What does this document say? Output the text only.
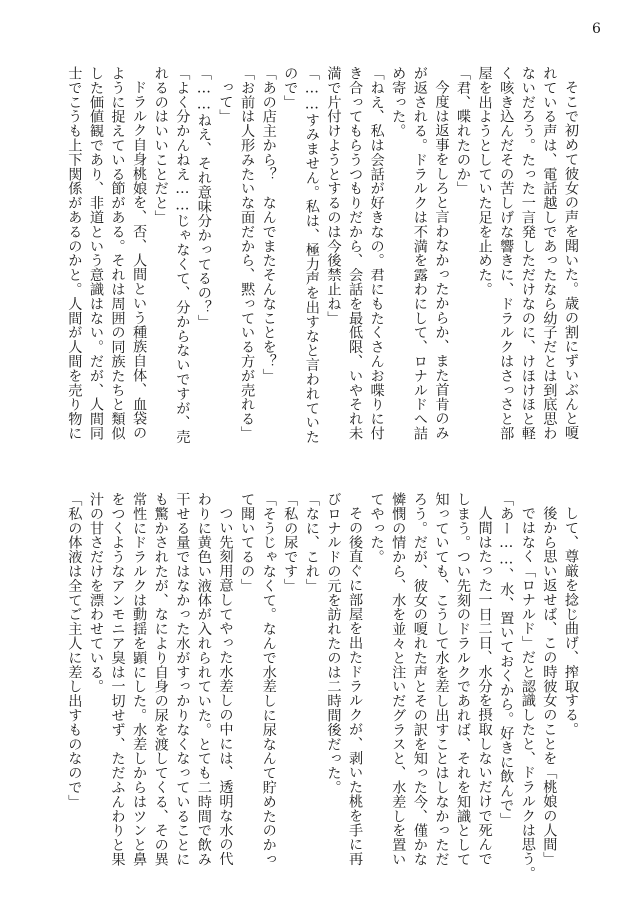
6

そこで初めて彼女の声を聞いた。歳の割にずいぶんと嗄

れている声は、電話越しであったなら幼子だとは到底思わ

ないだろう。たった一言発しただけなのに、けほけほと軽

く咳き込んだその苦しげな響きに、ドラルクはさっさと部

屋を出ようとしていた足を止めた。

「君、喋れたのか」

今度は返事をしろと言わなかったからか、また首肯のみ

が返される。ドラルクは不満を露わにして、ロナルドへ詰

め寄った。

「ねえ、私は会話が好きなの。君にもたくさんお喋りに付

き合ってもらうつもりだから、会話を最低限、いやそれ未

満で片付けようとするのは今後禁止ね」

「……すみません。私は、極力声を出すなと言われていた

ので」

「あの店主から？　なんでまたそんなことを？」

「お前は人形みたいな面だから、黙っている方が売れる」

って」

「……ねえ、それ意味分かってるの？」

「よく分かんねえ……じゃなくて、分からないですが、売

れるのはいいことだと」

ドラルク自身桃娘を、否、人間という種族自体、血袋の

ように捉えている節がある。それは周囲の同族たちと類似

した価値観であり、非道という意識はない。だが、人間同

士でこうも上下関係があるのかと。人間が人間を売り物に

して、尊厳を捻じ曲げ、搾取する。

後から思い返せば、この時彼女のことを「桃娘の人間」

ではなく「ロナルド」だと認識したと、ドラルクは思う。

「あー……、水、置いておくから。好きに飲んで」

人間はたった一日二日、水分を摂取しないだけで死んで

しまう。つい先刻のドラルクであれば、それを知識として

知っていても、こうして水を差し出すことはしなかっただ

ろう。だが、彼女の嗄れた声とその訳を知った今、僅かな

憐憫の情から、水を並々と注いだグラスと、水差しを置い

てやった。

その後直ぐに部屋を出たドラルクが、剥いた桃を手に再

びロナルドの元を訪れたのは二時間後だった。

「なに、これ」

「私の尿です」

「そうじゃなくて。なんで水差しに尿なんて貯めたのかっ

て聞いてるの」

つい先刻用意してやった水差しの中には、透明な水の代

わりに黄色い液体が入れられていた。とても二時間で飲み

干せる量ではなかった水がすっかりなくなっていることに

も驚かされたが、なにより自身の尿を渡してくる、その異

常性にドラルクは動揺を顕にした。水差しからはツンと鼻

をつくようなアンモニア臭は一切せず、ただふんわりと果

汁の甘さだけを漂わせている。

「私の体液は全てご主人に差し出すものなので」
